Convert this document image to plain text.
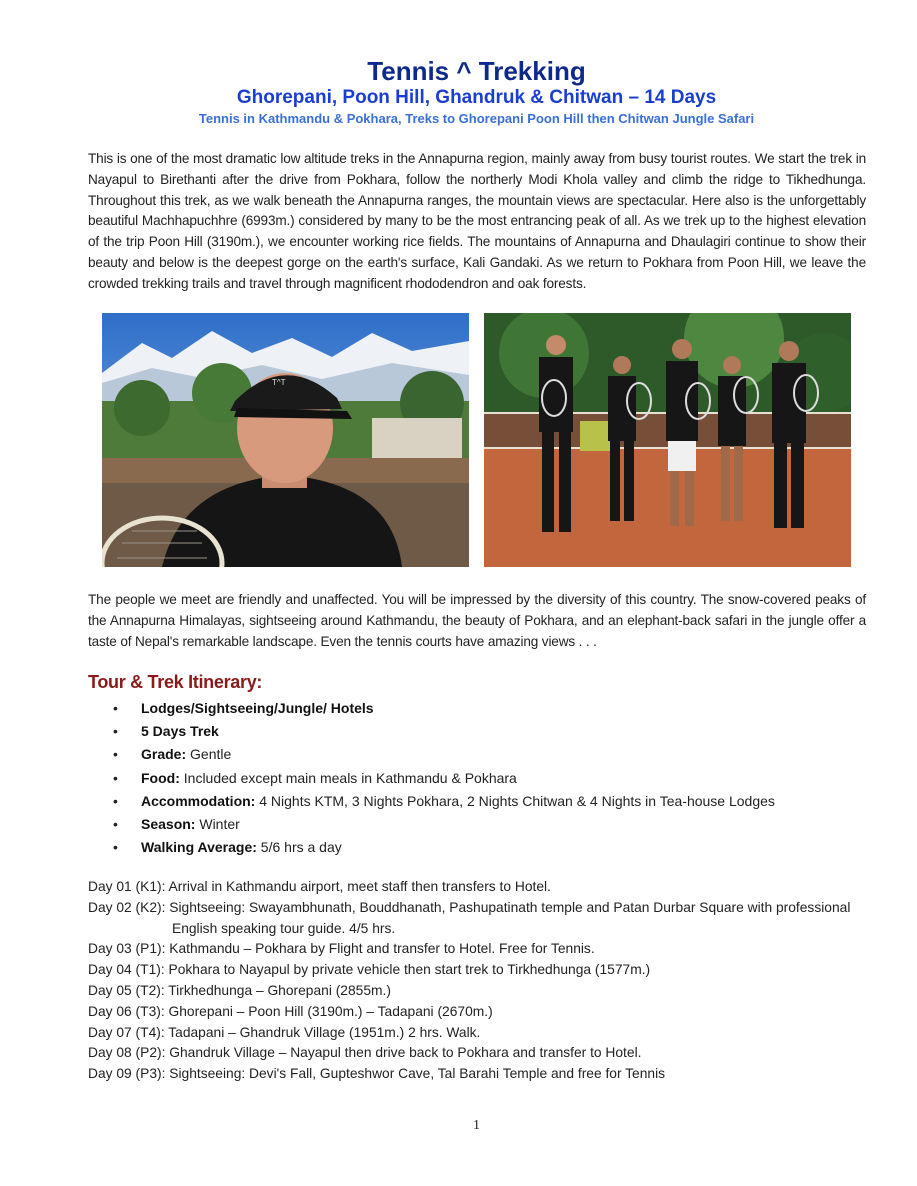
Tennis ^ Trekking
Ghorepani, Poon Hill, Ghandruk & Chitwan – 14 Days
Tennis in Kathmandu & Pokhara, Treks to Ghorepani Poon Hill then Chitwan Jungle Safari
This is one of the most dramatic low altitude treks in the Annapurna region, mainly away from busy tourist routes. We start the trek in Nayapul to Birethanti after the drive from Pokhara, follow the northerly Modi Khola valley and climb the ridge to Tikhedhunga. Throughout this trek, as we walk beneath the Annapurna ranges, the mountain views are spectacular. Here also is the unforgettably beautiful Machhapuchhre (6993m.) considered by many to be the most entrancing peak of all. As we trek up to the highest elevation of the trip Poon Hill (3190m.), we encounter working rice fields. The mountains of Annapurna and Dhaulagiri continue to show their beauty and below is the deepest gorge on the earth's surface, Kali Gandaki. As we return to Pokhara from Poon Hill, we leave the crowded trekking trails and travel through magnificent rhododendron and oak forests.
T^T
The people we meet are friendly and unaffected. You will be impressed by the diversity of this country. The snow-covered peaks of the Annapurna Himalayas, sightseeing around Kathmandu, the beauty of Pokhara, and an elephant-back safari in the jungle offer a taste of Nepal's remarkable landscape. Even the tennis courts have amazing views . . .
Tour & Trek Itinerary:
• Lodges/Sightseeing/Jungle/ Hotels
• 5 Days Trek
• Grade: Gentle
• Food: Included except main meals in Kathmandu & Pokhara
• Accommodation: 4 Nights KTM, 3 Nights Pokhara, 2 Nights Chitwan & 4 Nights in Tea-house Lodges
• Season: Winter
• Walking Average: 5/6 hrs a day
Day 01 (K1): Arrival in Kathmandu airport, meet staff then transfers to Hotel.
Day 02 (K2): Sightseeing: Swayambhunath, Bouddhanath, Pashupatinath temple and Patan Durbar Square with professional
English speaking tour guide. 4/5 hrs.
Day 03 (P1): Kathmandu – Pokhara by Flight and transfer to Hotel. Free for Tennis.
Day 04 (T1): Pokhara to Nayapul by private vehicle then start trek to Tirkhedhunga (1577m.)
Day 05 (T2): Tirkhedhunga – Ghorepani (2855m.)
Day 06 (T3): Ghorepani – Poon Hill (3190m.) – Tadapani (2670m.)
Day 07 (T4): Tadapani – Ghandruk Village (1951m.) 2 hrs. Walk.
Day 08 (P2): Ghandruk Village – Nayapul then drive back to Pokhara and transfer to Hotel.
Day 09 (P3): Sightseeing: Devi's Fall, Gupteshwor Cave, Tal Barahi Temple and free for Tennis
1
